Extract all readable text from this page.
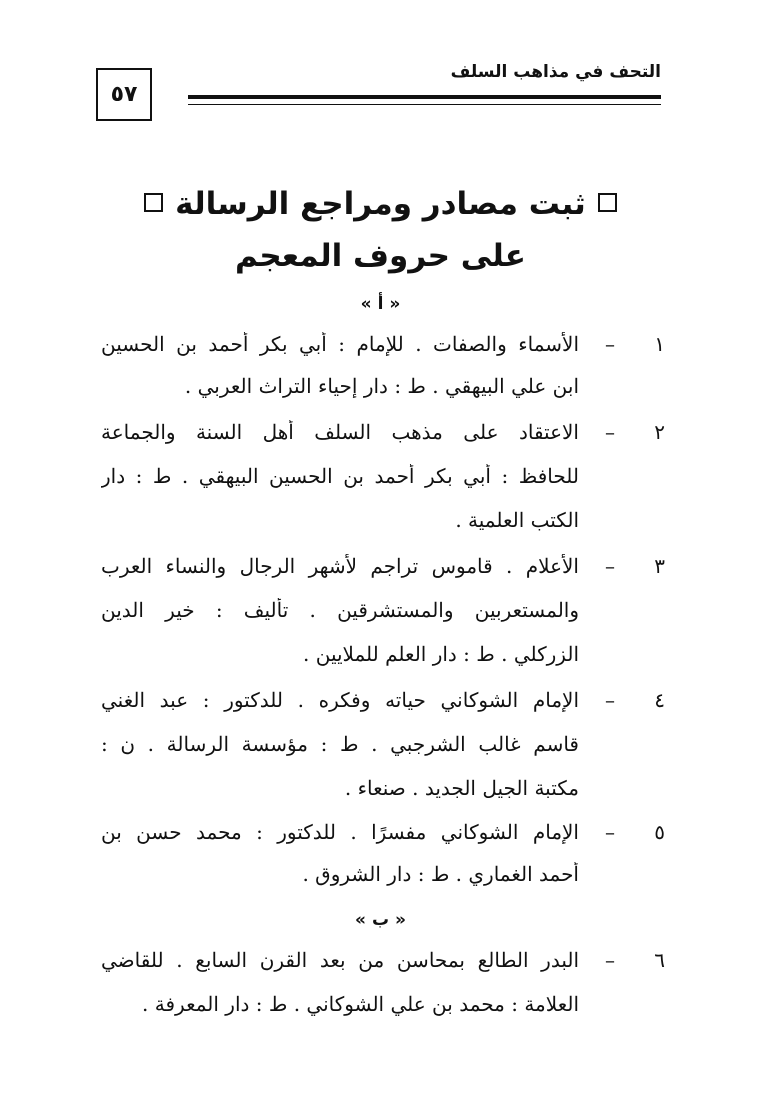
التحف في مذاهب السلف
٥٧
ثبت مصادر ومراجع الرسالة
على حروف المعجم
« أ »
١
–
الأسماء والصفات . للإمام : أبي بكر أحمد بن الحسين
ابن علي البيهقي . ط : دار إحياء التراث العربي .
٢
–
الاعتقاد على مذهب السلف أهل السنة والجماعة
للحافظ : أبي بكر أحمد بن الحسين البيهقي . ط : دار
الكتب العلمية .
٣
–
الأعلام . قاموس تراجم لأشهر الرجال والنساء العرب
والمستعربين والمستشرقين . تأليف : خير الدين
الزركلي . ط : دار العلم للملايين .
٤
–
الإمام الشوكاني حياته وفكره . للدكتور : عبد الغني
قاسم غالب الشرجبي . ط : مؤسسة الرسالة . ن :
مكتبة الجيل الجديد . صنعاء .
٥
–
الإمام الشوكاني مفسرًا . للدكتور : محمد حسن بن
أحمد الغماري . ط : دار الشروق .
« ب »
٦
–
البدر الطالع بمحاسن من بعد القرن السابع . للقاضي
العلامة : محمد بن علي الشوكاني . ط : دار المعرفة .
